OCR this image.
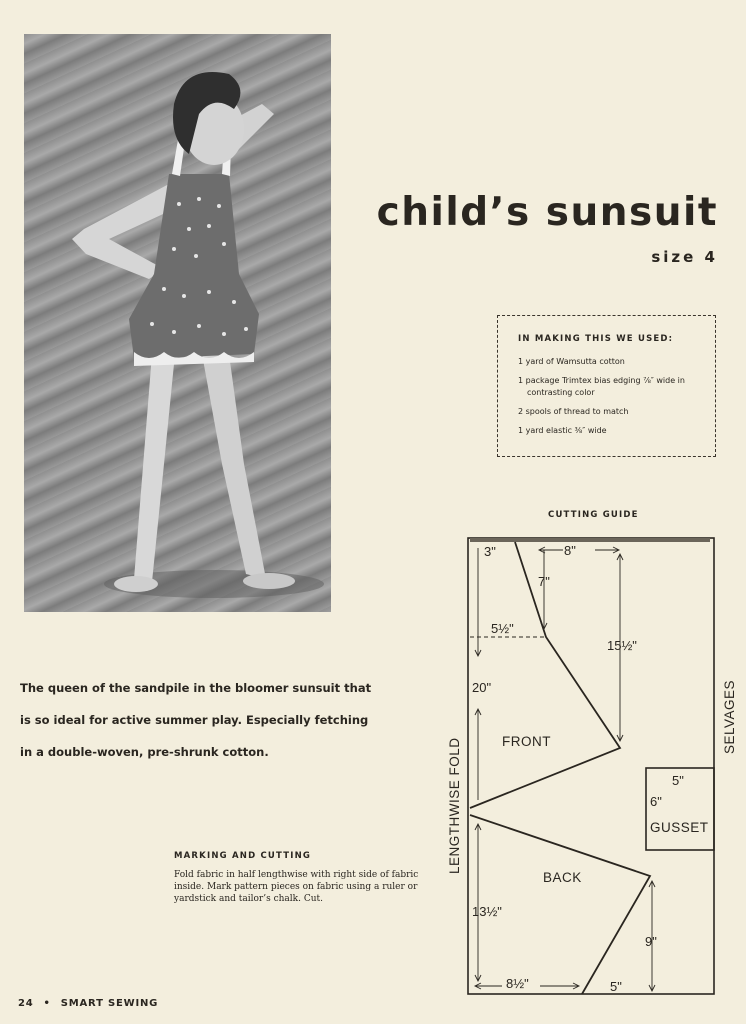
child’s sunsuit
size 4
IN MAKING THIS WE USED:
1 yard of Wamsutta cotton
1 package Trimtex bias edging ⅞″ wide in contrasting color
2 spools of thread to match
1 yard elastic ⅜″ wide
CUTTING GUIDE
3"	8"
7"
5½"
15½"
20"
5"
6"
13½"
9"
8½"	5"
FRONT
BACK
GUSSET
LENGTHWISE FOLD
SELVAGES
The queen of the sandpile in the bloomer sunsuit that is so ideal for active summer play. Especially fetching in a double-woven, pre-shrunk cotton.
MARKING AND CUTTING
Fold fabric in half lengthwise with right side of fabric inside. Mark pattern pieces on fabric using a ruler or yardstick and tailor’s chalk. Cut.
24 • SMART SEWING
